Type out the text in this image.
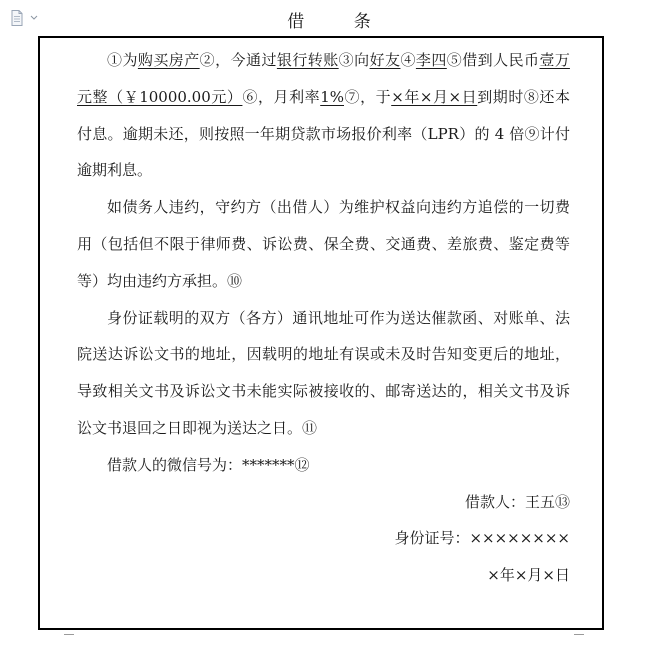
借 条

①为购买房产②，今通过银行转账③向好友④李四⑤借到人民币壹万元整（￥10000.00元）⑥，月利率1%⑦，于×年×月×日到期时⑧还本付息。逾期未还，则按照一年期贷款市场报价利率（LPR）的 4 倍⑨计付逾期利息。

如债务人违约，守约方（出借人）为维护权益向违约方追偿的一切费用（包括但不限于律师费、诉讼费、保全费、交通费、差旅费、鉴定费等等）均由违约方承担。⑩

身份证载明的双方（各方）通讯地址可作为送达催款函、对账单、法院送达诉讼文书的地址，因载明的地址有误或未及时告知变更后的地址，导致相关文书及诉讼文书未能实际被接收的、邮寄送达的，相关文书及诉讼文书退回之日即视为送达之日。⑪

借款人的微信号为：*******⑫

借款人：王五⑬

身份证号：××××××××

×年×月×日
